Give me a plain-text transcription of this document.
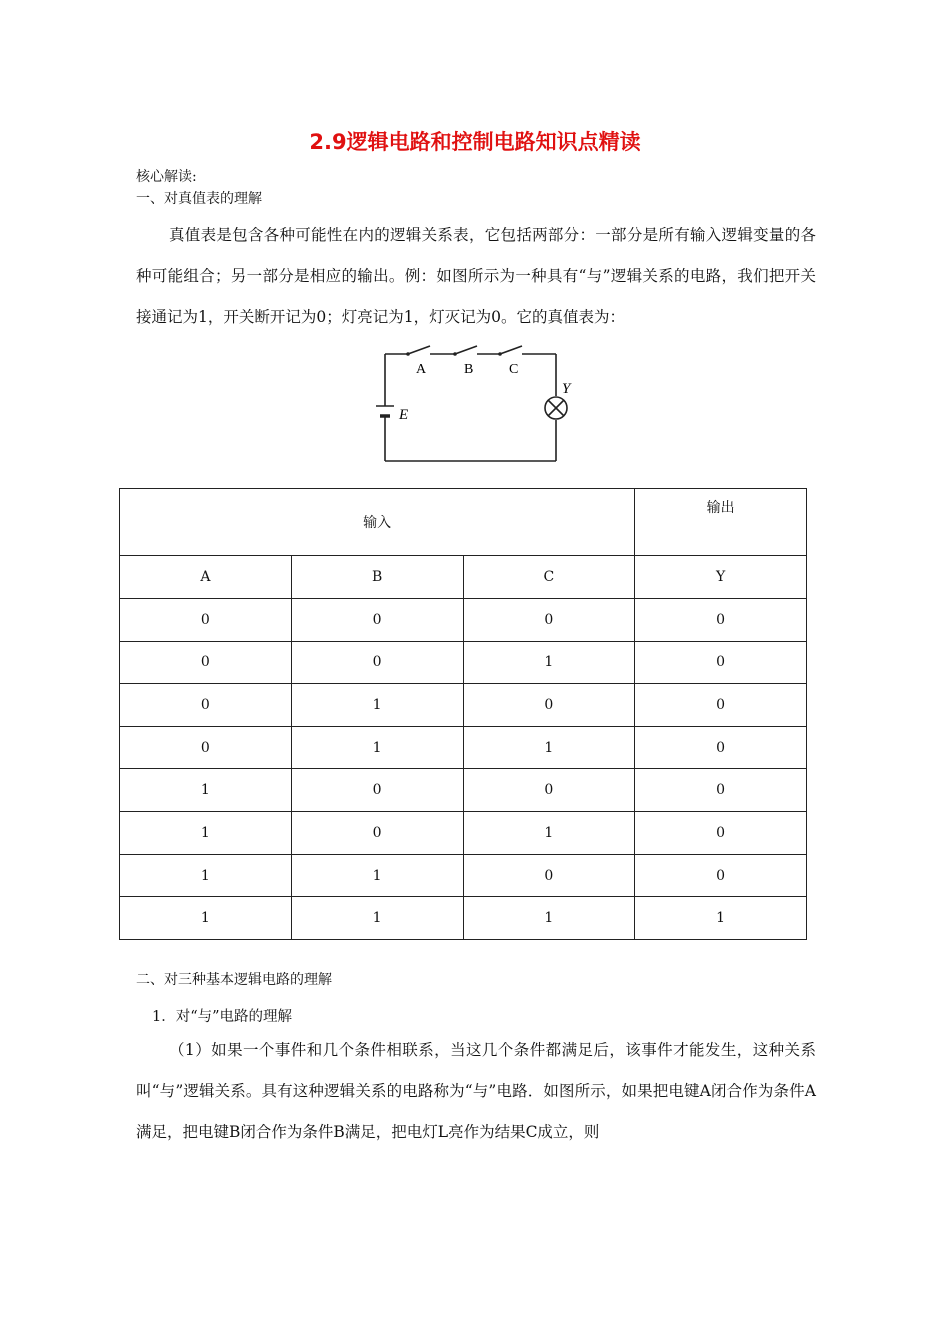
2.9逻辑电路和控制电路知识点精读
核心解读:
一、对真值表的理解
真值表是包含各种可能性在内的逻辑关系表，它包括两部分：一部分是所有输入逻辑变量的各种可能组合；另一部分是相应的输出。例：如图所示为一种具有“与”逻辑关系的电路，我们把开关接通记为1，开关断开记为0；灯亮记为1，灯灭记为0。它的真值表为：
A	B	C
Y
E
输入			输出
A	B	C	Y
0	0	0	0
0	0	1	0
0	1	0	0
0	1	1	0
1	0	0	0
1	0	1	0
1	1	0	0
1	1	1	1
二、对三种基本逻辑电路的理解
1．对“与”电路的理解
（1）如果一个事件和几个条件相联系，当这几个条件都满足后，该事件才能发生，这种关系叫“与”逻辑关系。具有这种逻辑关系的电路称为“与”电路．如图所示，如果把电键A闭合作为条件A满足，把电键B闭合作为条件B满足，把电灯L亮作为结果C成立，则
